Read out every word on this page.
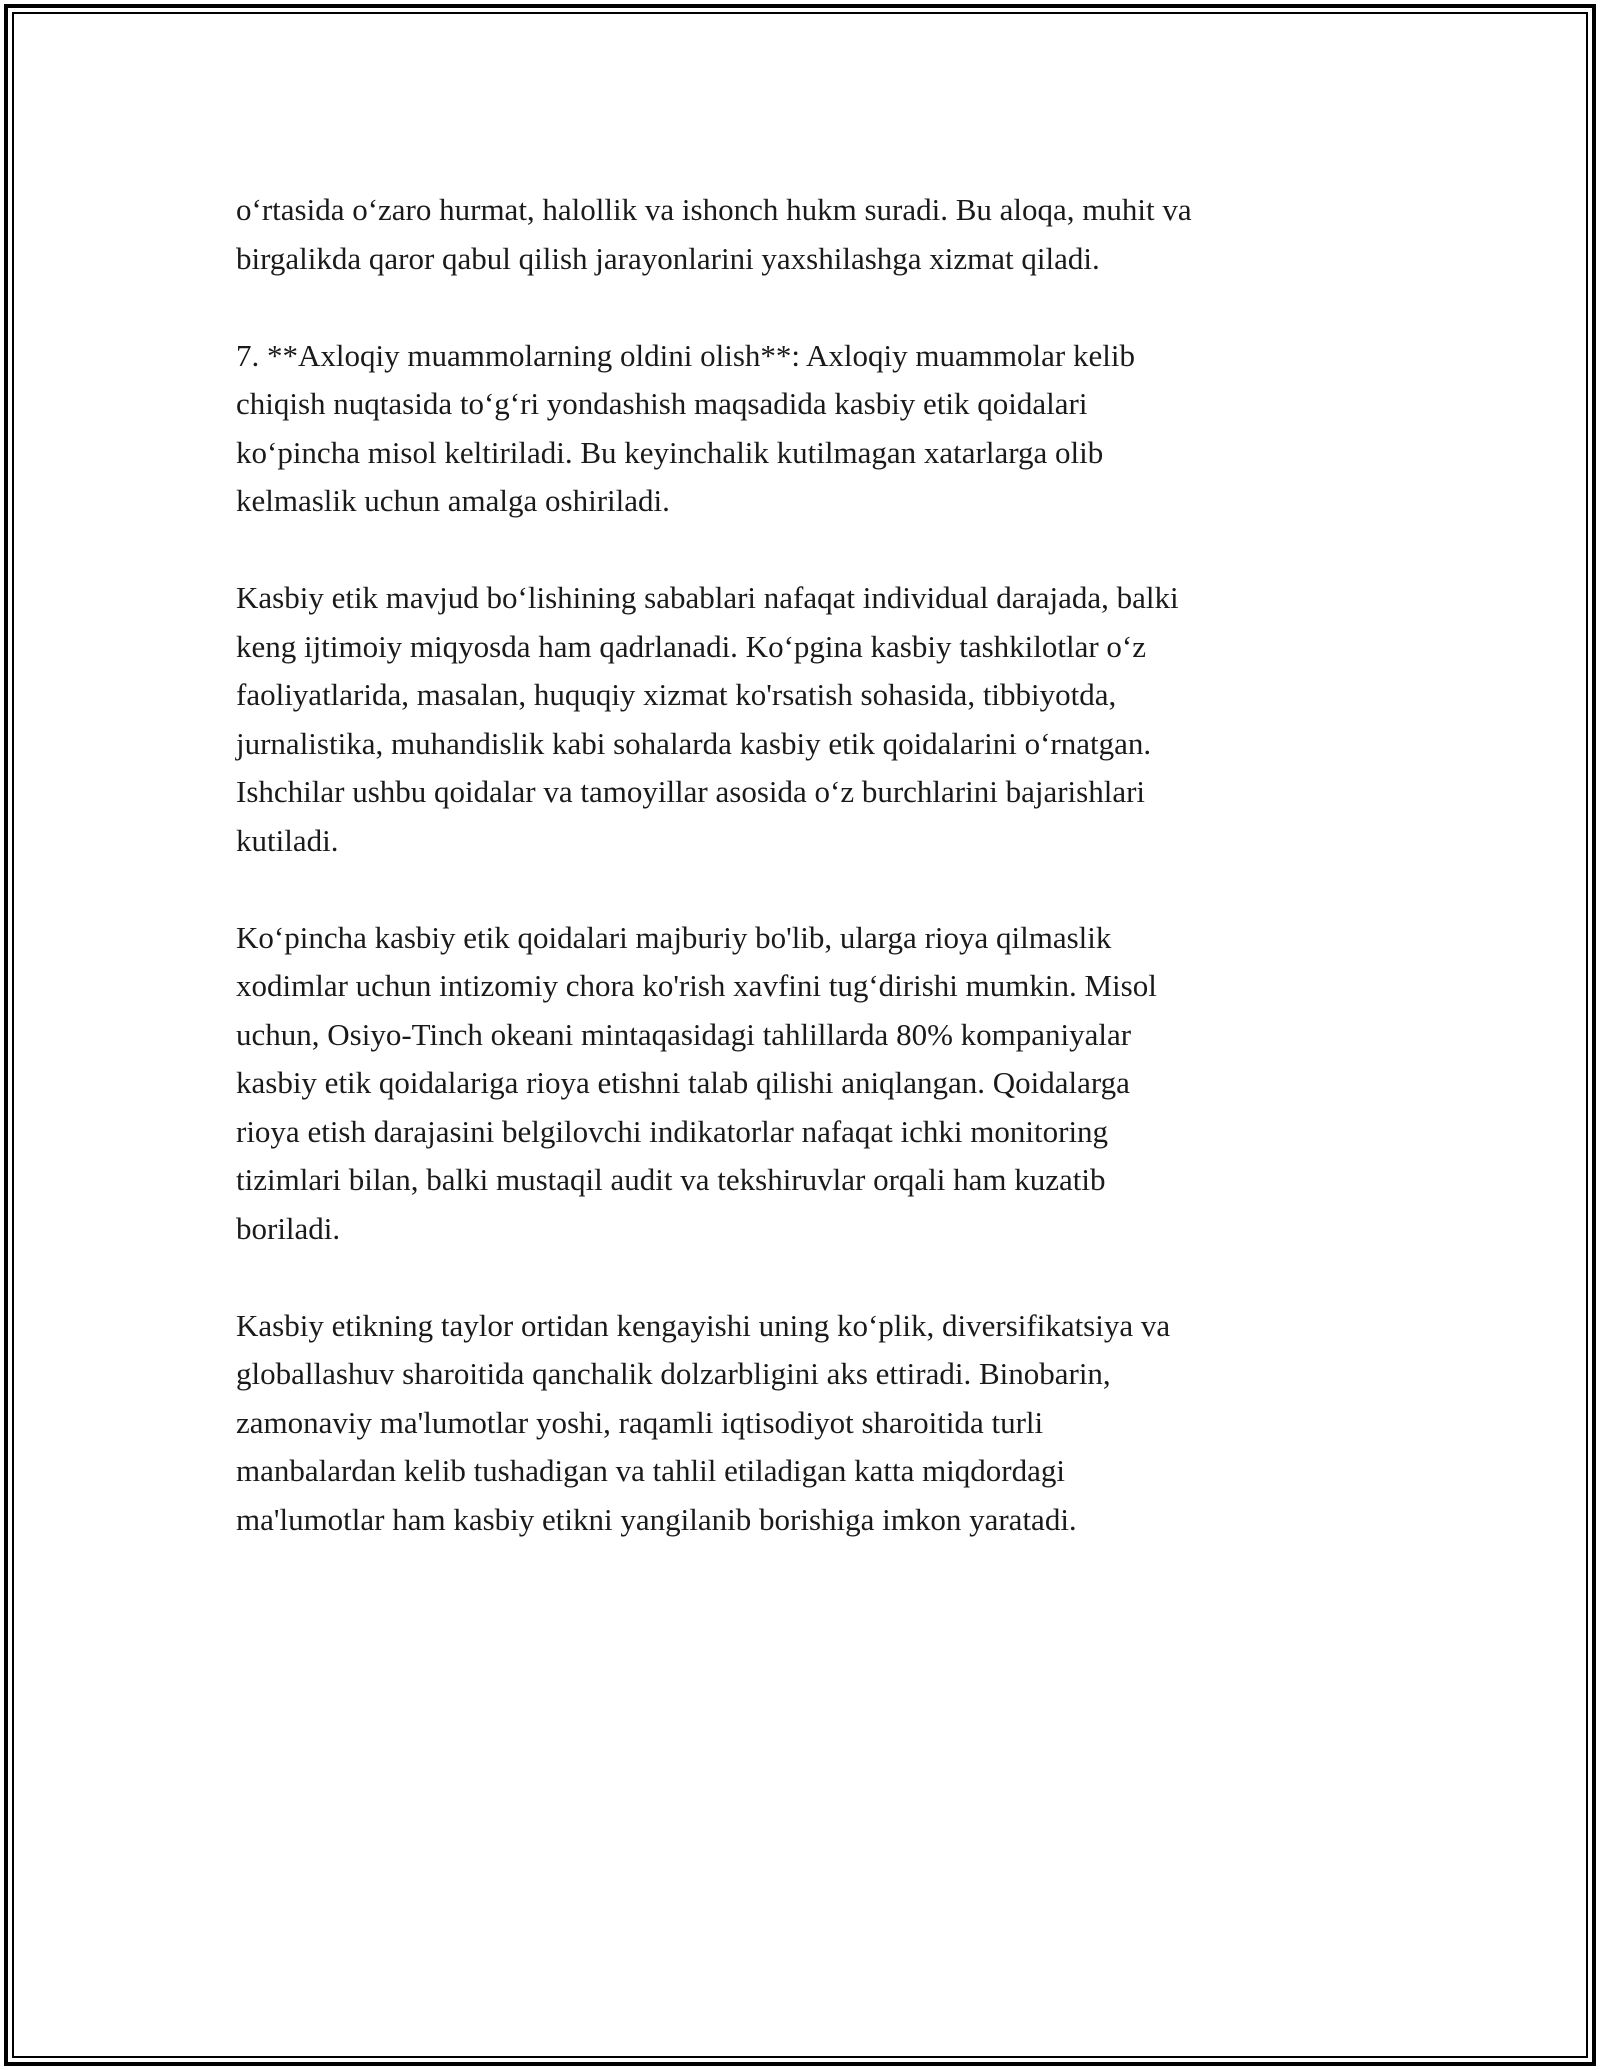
o‘rtasida o‘zaro hurmat, halollik va ishonch hukm suradi. Bu aloqa, muhit va
birgalikda qaror qabul qilish jarayonlarini yaxshilashga xizmat qiladi.

7. **Axloqiy muammolarning oldini olish**: Axloqiy muammolar kelib
chiqish nuqtasida to‘g‘ri yondashish maqsadida kasbiy etik qoidalari
ko‘pincha misol keltiriladi. Bu keyinchalik kutilmagan xatarlarga olib
kelmaslik uchun amalga oshiriladi.

Kasbiy etik mavjud bo‘lishining sabablari nafaqat individual darajada, balki
keng ijtimoiy miqyosda ham qadrlanadi. Ko‘pgina kasbiy tashkilotlar o‘z
faoliyatlarida, masalan, huquqiy xizmat ko'rsatish sohasida, tibbiyotda,
jurnalistika, muhandislik kabi sohalarda kasbiy etik qoidalarini o‘rnatgan.
Ishchilar ushbu qoidalar va tamoyillar asosida o‘z burchlarini bajarishlari
kutiladi.

Ko‘pincha kasbiy etik qoidalari majburiy bo'lib, ularga rioya qilmaslik
xodimlar uchun intizomiy chora ko'rish xavfini tug‘dirishi mumkin. Misol
uchun, Osiyo-Tinch okeani mintaqasidagi tahlillarda 80% kompaniyalar
kasbiy etik qoidalariga rioya etishni talab qilishi aniqlangan. Qoidalarga
rioya etish darajasini belgilovchi indikatorlar nafaqat ichki monitoring
tizimlari bilan, balki mustaqil audit va tekshiruvlar orqali ham kuzatib
boriladi.

Kasbiy etikning taylor ortidan kengayishi uning ko‘plik, diversifikatsiya va
globallashuv sharoitida qanchalik dolzarbligini aks ettiradi. Binobarin,
zamonaviy ma'lumotlar yoshi, raqamli iqtisodiyot sharoitida turli
manbalardan kelib tushadigan va tahlil etiladigan katta miqdordagi
ma'lumotlar ham kasbiy etikni yangilanib borishiga imkon yaratadi.
